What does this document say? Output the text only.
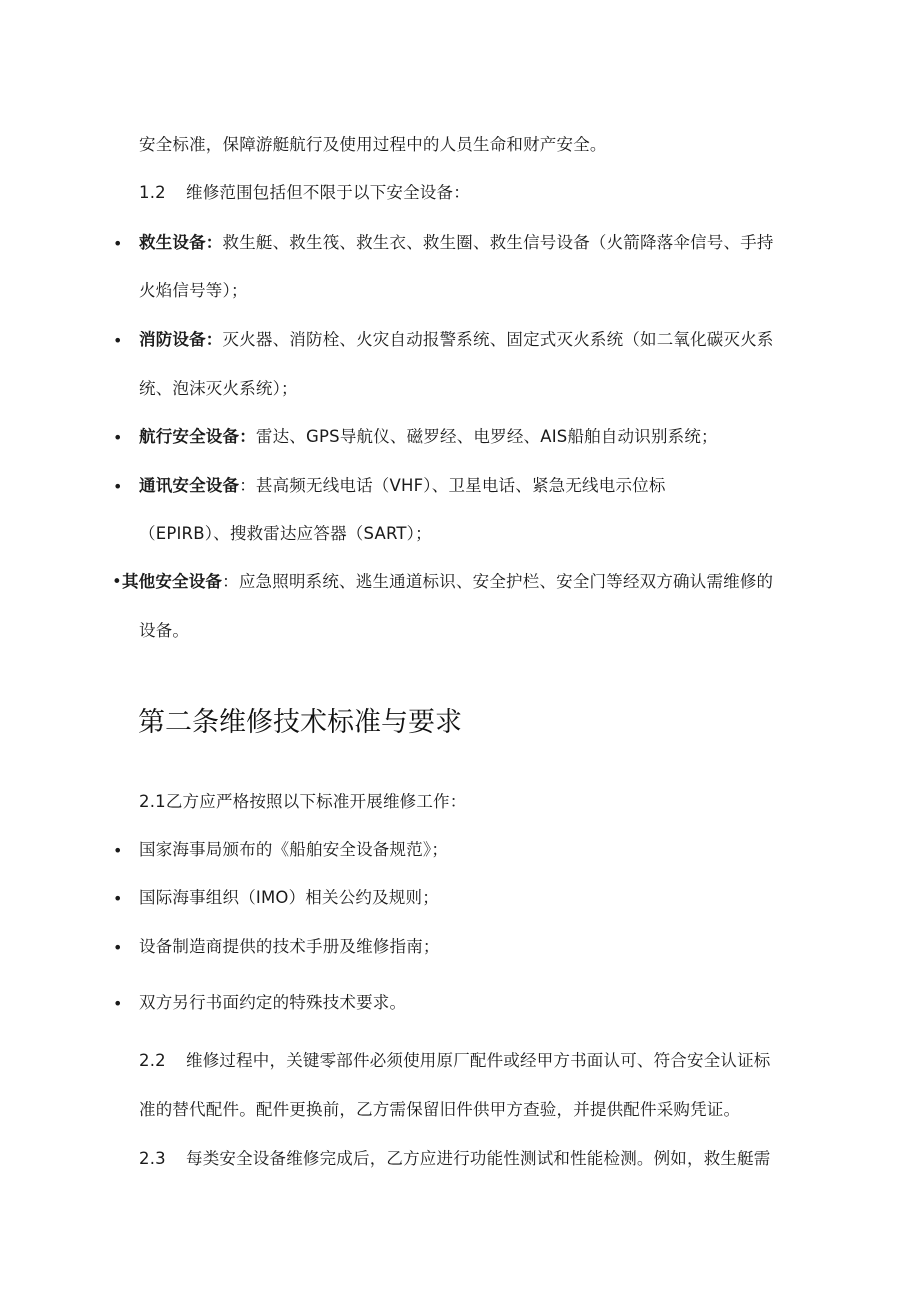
安全标准，保障游艇航行及使用过程中的人员生命和财产安全。
1.2 维修范围包括但不限于以下安全设备：
• 救生设备：救生艇、救生筏、救生衣、救生圈、救生信号设备（火箭降落伞信号、手持
火焰信号等）；
• 消防设备：灭火器、消防栓、火灾自动报警系统、固定式灭火系统（如二氧化碳灭火系
统、泡沫灭火系统）；
• 航行安全设备：雷达、GPS导航仪、磁罗经、电罗经、AIS船舶自动识别系统；
• 通讯安全设备：甚高频无线电话（VHF）、卫星电话、紧急无线电示位标
（EPIRB）、搜救雷达应答器（SART）；
•其他安全设备：应急照明系统、逃生通道标识、安全护栏、安全门等经双方确认需维修的
设备。
第二条维修技术标准与要求
2.1乙方应严格按照以下标准开展维修工作：
• 国家海事局颁布的《船舶安全设备规范》；
• 国际海事组织（IMO）相关公约及规则；
• 设备制造商提供的技术手册及维修指南；
• 双方另行书面约定的特殊技术要求。
2.2 维修过程中，关键零部件必须使用原厂配件或经甲方书面认可、符合安全认证标
准的替代配件。配件更换前，乙方需保留旧件供甲方查验，并提供配件采购凭证。
2.3 每类安全设备维修完成后，乙方应进行功能性测试和性能检测。例如，救生艇需
